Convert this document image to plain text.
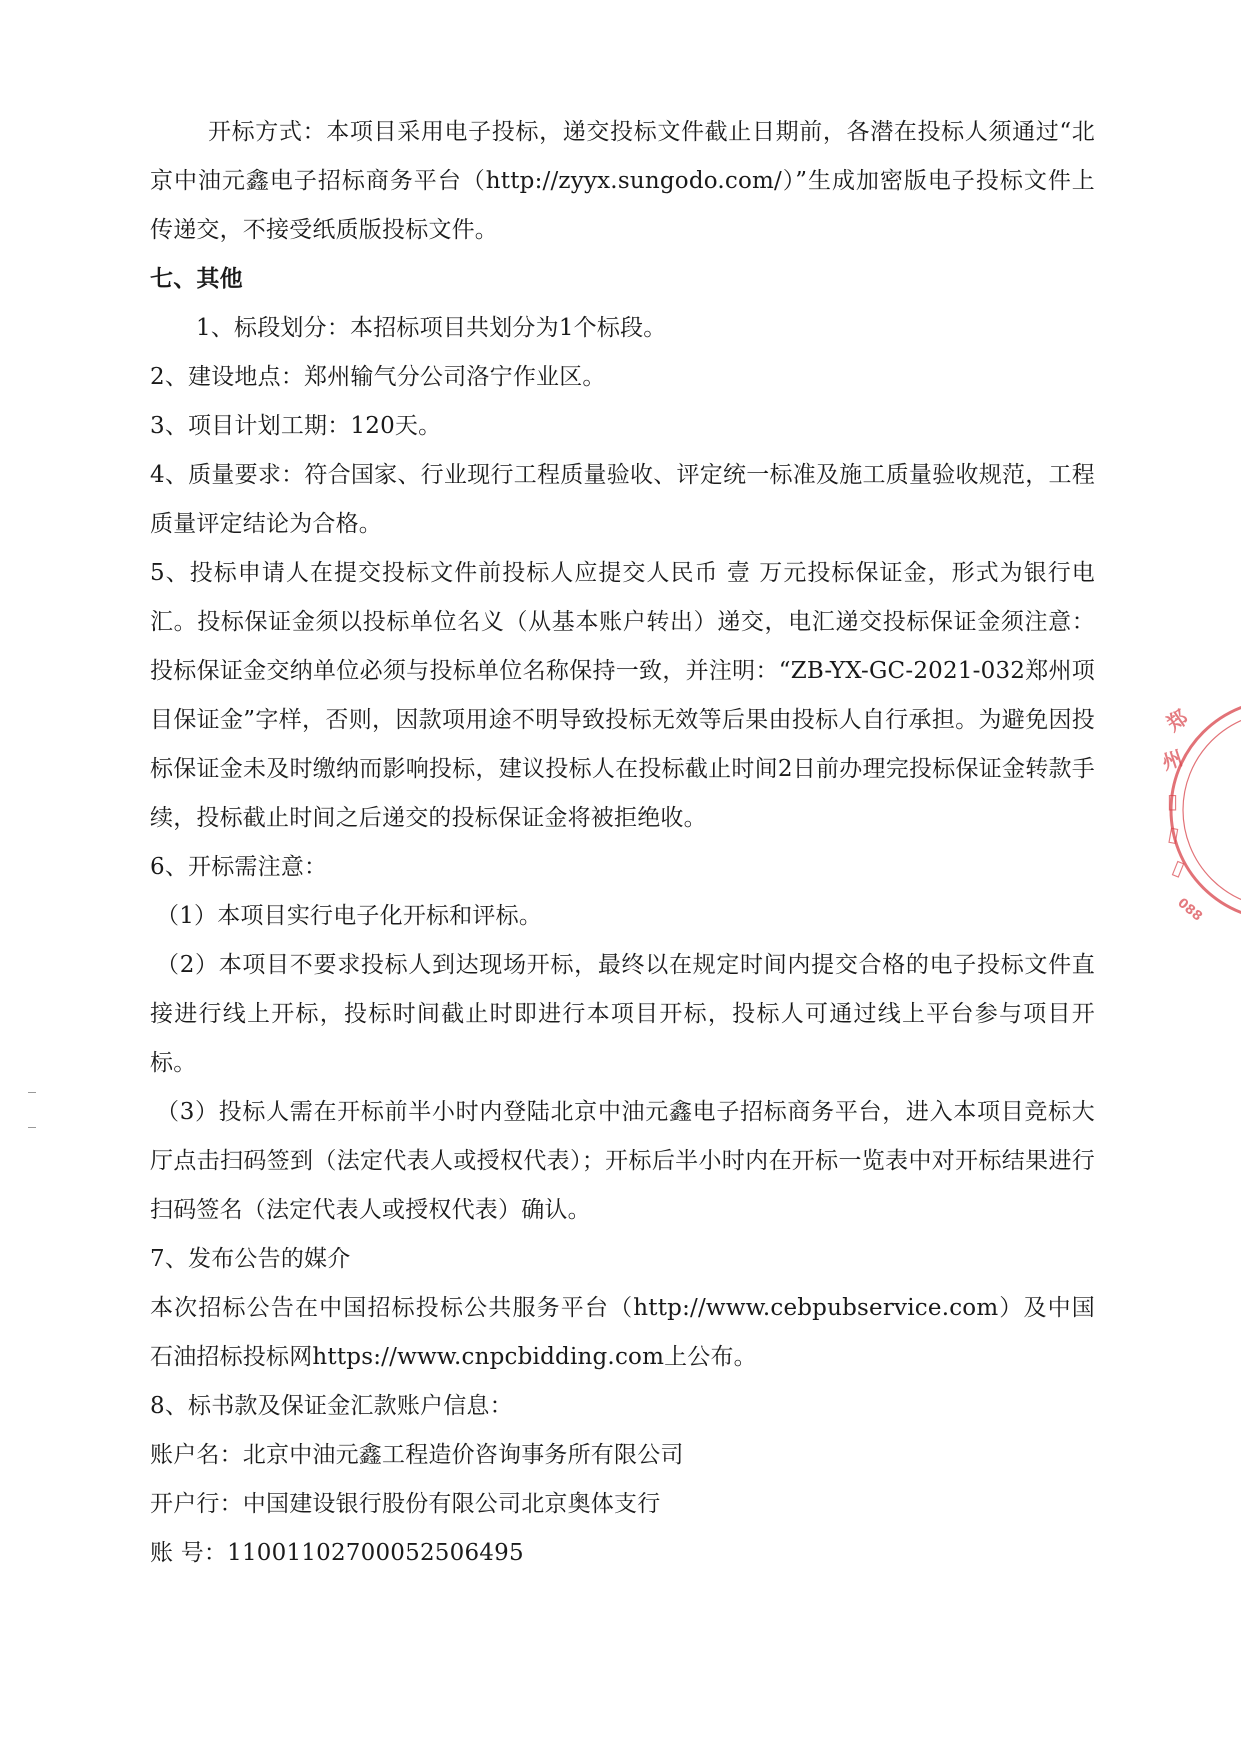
开标方式：本项目采用电子投标，递交投标文件截止日期前，各潜在投标人须通过“北京中油元鑫电子招标商务平台（http://zyyx.sungodo.com/）”生成加密版电子投标文件上传递交，不接受纸质版投标文件。

七、其他

1、标段划分：本招标项目共划分为1个标段。

2、建设地点：郑州输气分公司洛宁作业区。

3、项目计划工期：120天。

4、质量要求：符合国家、行业现行工程质量验收、评定统一标准及施工质量验收规范，工程质量评定结论为合格。

5、投标申请人在提交投标文件前投标人应提交人民币 壹 万元投标保证金，形式为银行电汇。投标保证金须以投标单位名义（从基本账户转出）递交，电汇递交投标保证金须注意：投标保证金交纳单位必须与投标单位名称保持一致，并注明：“ZB-YX-GC-2021-032郑州项目保证金”字样，否则，因款项用途不明导致投标无效等后果由投标人自行承担。为避免因投标保证金未及时缴纳而影响投标，建议投标人在投标截止时间2日前办理完投标保证金转款手续，投标截止时间之后递交的投标保证金将被拒绝收。

6、开标需注意：

（1）本项目实行电子化开标和评标。

（2）本项目不要求投标人到达现场开标，最终以在规定时间内提交合格的电子投标文件直接进行线上开标，投标时间截止时即进行本项目开标，投标人可通过线上平台参与项目开标。

（3）投标人需在开标前半小时内登陆北京中油元鑫电子招标商务平台，进入本项目竞标大厅点击扫码签到（法定代表人或授权代表）；开标后半小时内在开标一览表中对开标结果进行扫码签名（法定代表人或授权代表）确认。

7、发布公告的媒介

本次招标公告在中国招标投标公共服务平台（http://www.cebpubservice.com）及中国石油招标投标网https://www.cnpcbidding.com上公布。

8、标书款及保证金汇款账户信息：

账户名：北京中油元鑫工程造价咨询事务所有限公司

开户行：中国建设银行股份有限公司北京奥体支行

账 号：11001102700052506495

郑
州
▯
▯
▯
088
